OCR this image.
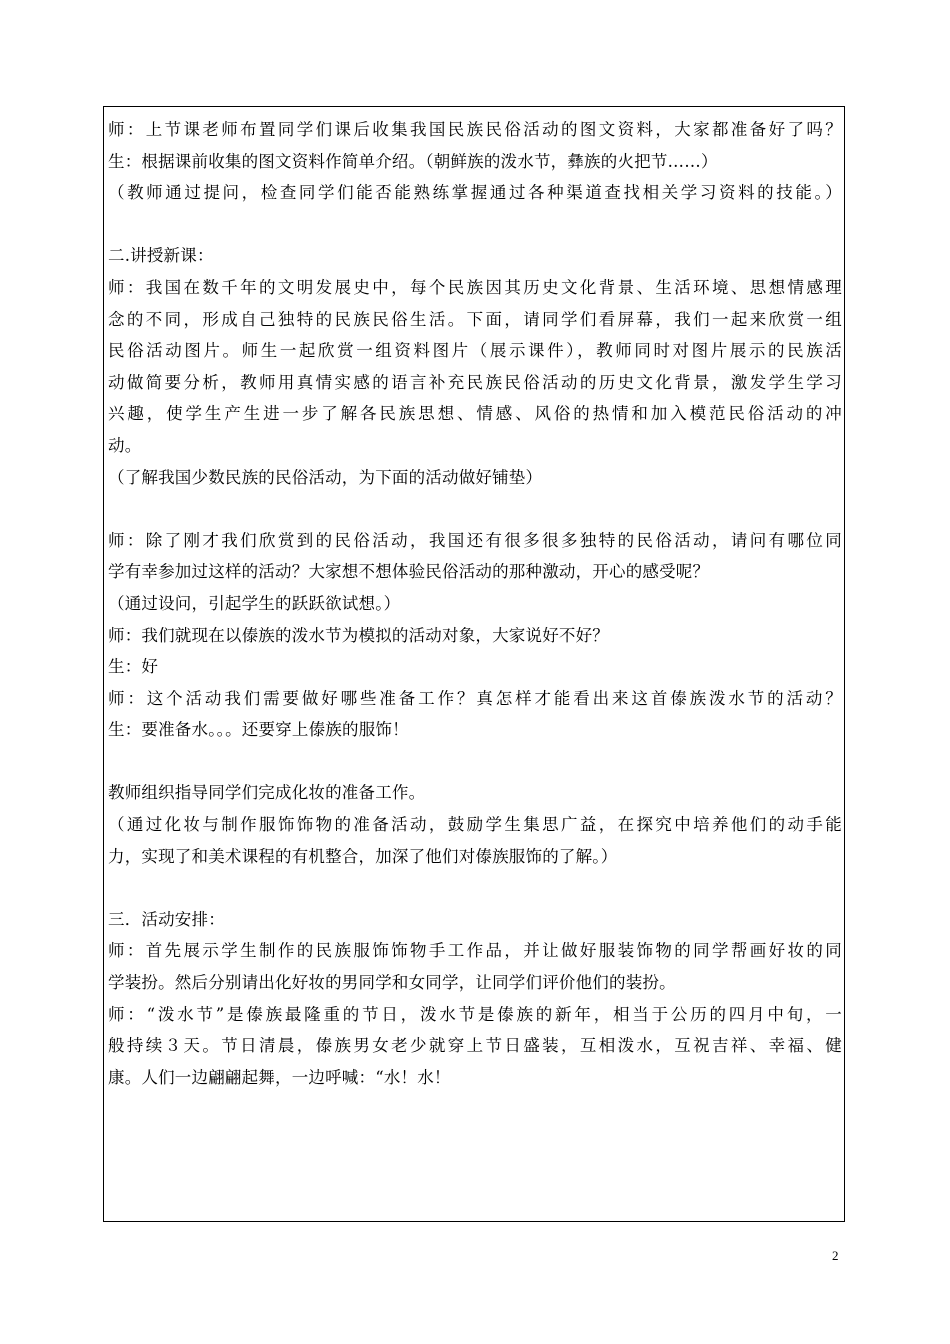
师：上节课老师布置同学们课后收集我国民族民俗活动的图文资料，大家都准备好了吗？
生：根据课前收集的图文资料作简单介绍。（朝鲜族的泼水节，彝族的火把节……）
（教师通过提问，检查同学们能否能熟练掌握通过各种渠道查找相关学习资料的技能。）
二.讲授新课：
师：我国在数千年的文明发展史中，每个民族因其历史文化背景、生活环境、思想情感理
念的不同，形成自己独特的民族民俗生活。下面，请同学们看屏幕，我们一起来欣赏一组
民俗活动图片。师生一起欣赏一组资料图片（展示课件），教师同时对图片展示的民族活
动做简要分析，教师用真情实感的语言补充民族民俗活动的历史文化背景，激发学生学习
兴趣，使学生产生进一步了解各民族思想、情感、风俗的热情和加入模范民俗活动的冲
动。
（了解我国少数民族的民俗活动，为下面的活动做好铺垫）
师：除了刚才我们欣赏到的民俗活动，我国还有很多很多独特的民俗活动，请问有哪位同
学有幸参加过这样的活动？大家想不想体验民俗活动的那种激动，开心的感受呢？
（通过设问，引起学生的跃跃欲试想。）
师：我们就现在以傣族的泼水节为模拟的活动对象，大家说好不好？
生：好
师：这个活动我们需要做好哪些准备工作？真怎样才能看出来这首傣族泼水节的活动？
生：要准备水。。。还要穿上傣族的服饰！
教师组织指导同学们完成化妆的准备工作。
（通过化妆与制作服饰饰物的准备活动，鼓励学生集思广益，在探究中培养他们的动手能
力，实现了和美术课程的有机整合，加深了他们对傣族服饰的了解。）
三．活动安排：
师：首先展示学生制作的民族服饰饰物手工作品，并让做好服装饰物的同学帮画好妆的同
学装扮。然后分别请出化好妆的男同学和女同学，让同学们评价他们的装扮。
师：“泼水节”是傣族最隆重的节日，泼水节是傣族的新年，相当于公历的四月中旬，一
般持续３天。节日清晨，傣族男女老少就穿上节日盛装，互相泼水，互祝吉祥、幸福、健
康。人们一边翩翩起舞，一边呼喊：“水！水！
2
